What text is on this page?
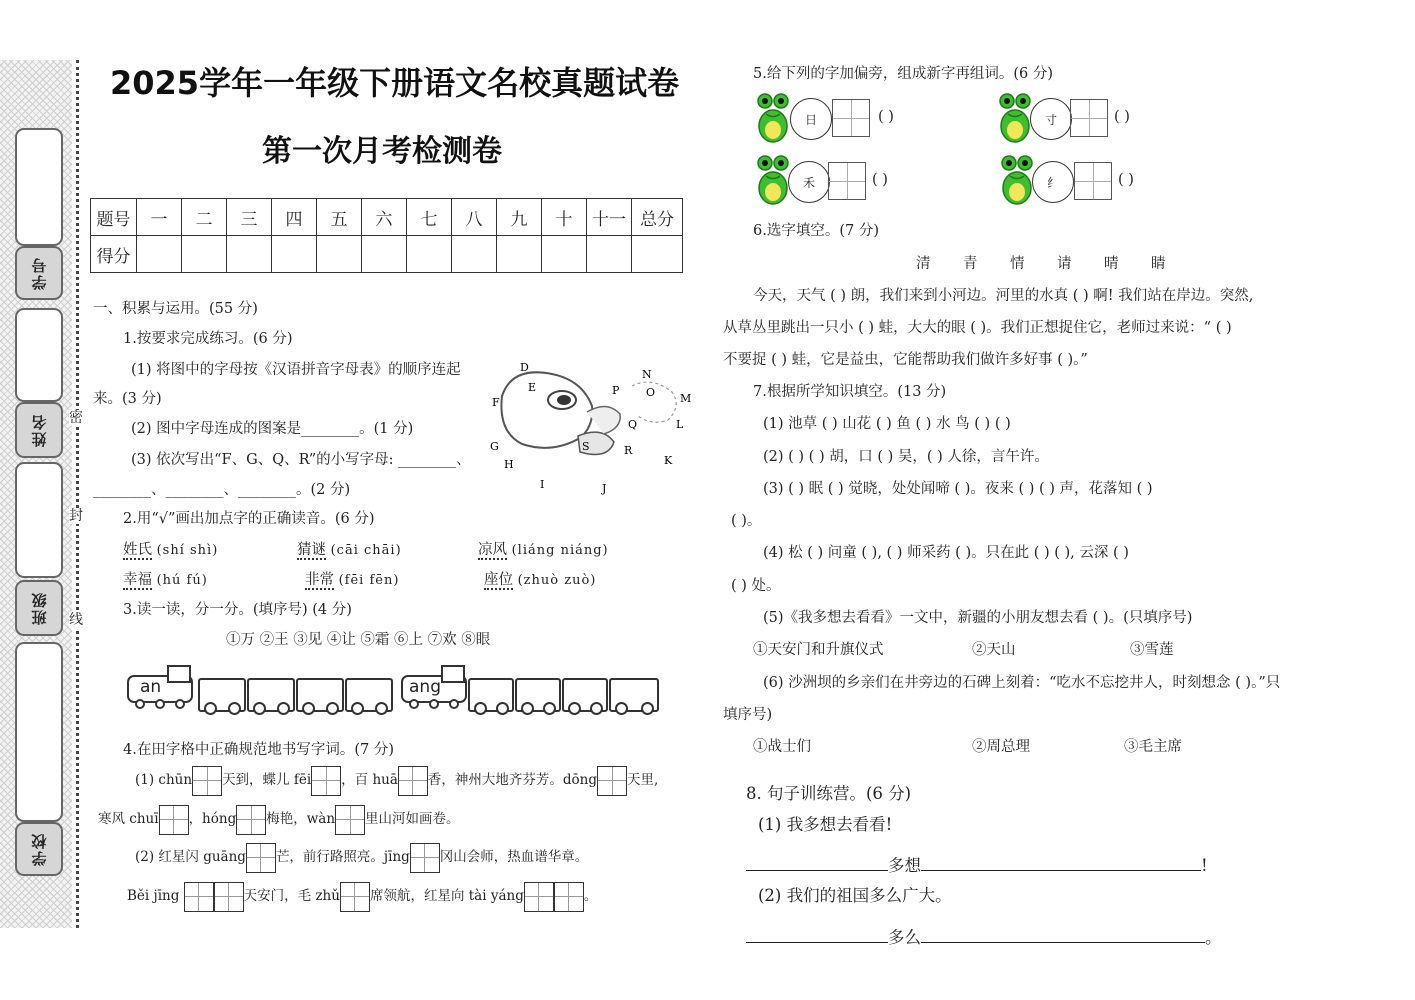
学号
姓名
班级
学校
密
封
线
2025学年一年级下册语文名校真题试卷
第一次月考检测卷
题号	一	二	三	四	五	六	七	八	九	十	十一	总分
得分												
一、积累与运用。(55 分)
1.按要求完成练习。(6 分)
(1) 将图中的字母按《汉语拼音字母表》的顺序连起
来。(3 分)
(2) 图中字母连成的图案是________。(1 分)
(3) 依次写出“F、G、Q、R”的小写字母: ________、
________、________、________。(2 分)
D
E
F
G
H
I	J
K
L
M
N
O
P
Q
R
S
2.用“√”画出加点字的正确读音。(6 分)
姓氏 (shí shì)	猜谜 (cāi chāi)	凉风 (liáng niáng)
幸福 (hú fú)	非常 (fēi fēn)	座位 (zhuò zuò)
3.读一读，分一分。(填序号) (4 分)
①万 ②王 ③见 ④让 ⑤霜 ⑥上 ⑦欢 ⑧眼
an	ang
4.在田字格中正确规范地书写字词。(7 分)
(1) chūn 天到，蝶儿 fēi ，百 huā 香，神州大地齐芬芳。dōng 天里,
寒风 chuī ，hóng 梅艳，wàn 里山河如画卷。
(2) 红星闪 guāng 芒，前行路照亮。jīng 冈山会师，热血谱华章。
Běi jīng	天安门，毛 zhǔ 席领航，红星向 tài yáng	。
5.给下列的字加偏旁，组成新字再组词。(6 分)
日	( )	寸	( )
禾	( )	纟	( )
6.选字填空。(7 分)
清 青 情 请 晴 睛
今天，天气 ( ) 朗，我们来到小河边。河里的水真 ( ) 啊! 我们站在岸边。突然,
从草丛里跳出一只小 ( ) 蛙，大大的眼 ( )。我们正想捉住它，老师过来说：“ ( )
不要捉 ( ) 蛙，它是益虫，它能帮助我们做许多好事 ( )。”
7.根据所学知识填空。(13 分)
(1) 池草 ( ) 山花 ( ) 鱼 ( ) 水 鸟 ( ) ( )
(2) ( ) ( ) 胡，口 ( ) 吴，( ) 人徐，言午许。
(3) ( ) 眠 ( ) 觉晓，处处闻啼 ( )。夜来 ( ) ( ) 声，花落知 ( )
( )。
(4) 松 ( ) 问童 ( ), ( ) 师采药 ( )。只在此 ( ) ( ), 云深 ( )
( ) 处。
(5)《我多想去看看》一文中，新疆的小朋友想去看 ( )。(只填序号)
①天安门和升旗仪式	②天山	③雪莲
(6) 沙洲坝的乡亲们在井旁边的石碑上刻着：“吃水不忘挖井人，时刻想念 ( )。”只
填序号)
①战士们	②周总理	③毛主席
8. 句子训练营。(6 分)
(1) 我多想去看看!
多想	!
(2) 我们的祖国多么广大。
多么	。
